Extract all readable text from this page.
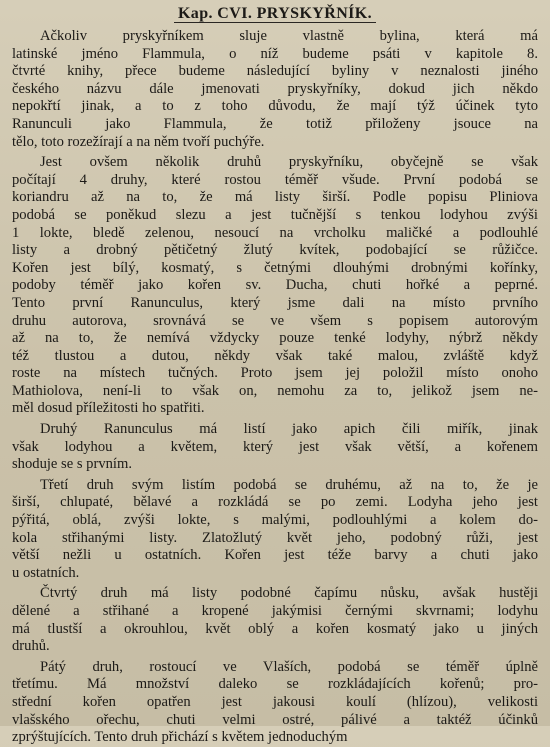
Kap. CVI. PRYSKYŘNÍK.
Ačkoliv pryskyřníkem sluje vlastně bylina, která má
latinské jméno Flammula, o níž budeme psáti v kapitole 8.
čtvrté knihy, přece budeme následující byliny v neznalosti jiného
českého názvu dále jmenovati pryskyřníky, dokud jich někdo
nepokřtí jinak, a to z toho důvodu, že mají týž účinek tyto
Ranunculi jako Flammula, že totiž přiloženy jsouce na
tělo, toto rozežírají a na něm tvoří puchýře.
Jest ovšem několik druhů pryskyřníku, obyčejně se však
počítají 4 druhy, které rostou téměř všude. První podobá se
koriandru až na to, že má listy širší. Podle popisu Pliniova
podobá se poněkud slezu a jest tučnější s tenkou lodyhou zvýši
1 lokte, bledě zelenou, nesoucí na vrcholku maličké a podlouhlé
listy a drobný pětičetný žlutý kvítek, podobající se růžičce.
Kořen jest bílý, kosmatý, s četnými dlouhými drobnými kořínky,
podoby téměř jako kořen sv. Ducha, chuti hořké a peprné.
Tento první Ranunculus, který jsme dali na místo prvního
druhu autorova, srovnává se ve všem s popisem autorovým
až na to, že nemívá vždycky pouze tenké lodyhy, nýbrž někdy
též tlustou a dutou, někdy však také malou, zvláště když
roste na místech tučných. Proto jsem jej položil místo onoho
Mathiolova, není-li to však on, nemohu za to, jelikož jsem ne-
měl dosud příležitosti ho spatřiti.
Druhý Ranunculus má listí jako apich čili miřík, jinak
však lodyhou a květem, který jest však větší, a kořenem
shoduje se s prvním.
Třetí druh svým listím podobá se druhému, až na to, že je
širší, chlupaté, bělavé a rozkládá se po zemi. Lodyha jeho jest
pýřitá, oblá, zvýši lokte, s malými, podlouhlými a kolem do-
kola střihanými listy. Zlatožlutý květ jeho, podobný růži, jest
větší nežli u ostatních. Kořen jest téže barvy a chuti jako
u ostatních.
Čtvrtý druh má listy podobné čapímu nůsku, avšak hustěji
dělené a střihané a kropené jakýmisi černými skvrnami; lodyhu
má tlustší a okrouhlou, květ oblý a kořen kosmatý jako u jiných
druhů.
Pátý druh, rostoucí ve Vlaších, podobá se téměř úplně
třetímu. Má množství daleko se rozkládajících kořenů; pro-
střední kořen opatřen jest jakousi koulí (hlízou), velikosti
vlašského ořechu, chuti velmi ostré, pálivé a taktéž účinků
zprýštujících. Tento druh přichází s květem jednoduchým
